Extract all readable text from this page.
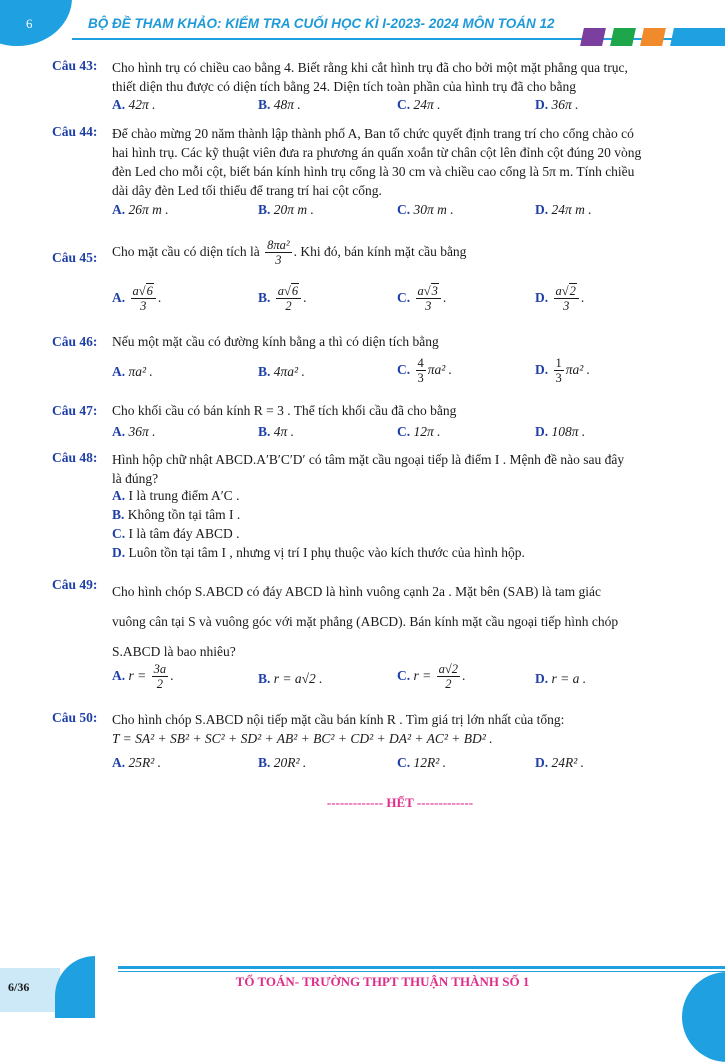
6	BỘ ĐỀ THAM KHẢO: KIỂM TRA CUỐI HỌC KÌ I-2023- 2024 MÔN TOÁN 12
Câu 43: Cho hình trụ có chiều cao bằng 4. Biết rằng khi cắt hình trụ đã cho bởi một mặt phẳng qua trục,
thiết diện thu được có diện tích bằng 24. Diện tích toàn phần của hình trụ đã cho bằng
A. 42π .	B. 48π .	C. 24π .	D. 36π .
Câu 44: Để chào mừng 20 năm thành lập thành phố A, Ban tổ chức quyết định trang trí cho cổng chào có
hai hình trụ. Các kỹ thuật viên đưa ra phương án quấn xoắn từ chân cột lên đỉnh cột đúng 20 vòng
đèn Led cho mỗi cột, biết bán kính hình trụ cổng là 30 cm và chiều cao cổng là 5π m. Tính chiều
dài dây đèn Led tối thiểu để trang trí hai cột cổng.
A. 26π m .	B. 20π m .	C. 30π m .	D. 24π m .
Câu 45: Cho mặt cầu có diện tích là $\frac{\text{8πa²}}{3}$ . Khi đó, bán kính mặt cầu bằng
A. $\frac{a√6}{3}$ .	B. $\frac{a√6}{2}$ .	C. $\frac{a√3}{3}$ .	D. $\frac{a√2}{3}$ .
Câu 46: Nếu một mặt cầu có đường kính bằng a thì có diện tích bằng
A. πa² .	B. 4πa² .	C. $\frac{4}{3} \pi a^2$ .	D. $\frac{1}{3} \pi a^2$ .
Câu 47: Cho khối cầu có bán kính R = 3 . Thể tích khối cầu đã cho bằng
A. 36π .	B. 4π .	C. 12π .	D. 108π .
Câu 48: Hình hộp chữ nhật ABCD.A′B′C′D′ có tâm mặt cầu ngoại tiếp là điểm I . Mệnh đề nào sau đây
là đúng?
A. I là trung điểm A′C .
B. Không tồn tại tâm I .
C. I là tâm đáy ABCD .
D. Luôn tồn tại tâm I , nhưng vị trí I phụ thuộc vào kích thước của hình hộp.
Câu 49: Cho hình chóp S.ABCD có đáy ABCD là hình vuông cạnh 2a . Mặt bên (SAB) là tam giác
vuông cân tại S và vuông góc với mặt phẳng (ABCD). Bán kính mặt cầu ngoại tiếp hình chóp
S.ABCD là bao nhiêu?
A. $r = \frac{3a}{2}$ .	B. r = a√2 .	C. $r = \frac{a√2}{2}$ .	D. r = a .
Câu 50: Cho hình chóp S.ABCD nội tiếp mặt cầu bán kính R . Tìm giá trị lớn nhất của tổng:
T = SA² + SB² + SC² + SD² + AB² + BC² + CD² + DA² + AC² + BD² .
A. 25R² .	B. 20R² .	C. 12R² .	D. 24R² .
------------- HẾT -------------
6/36	TỔ TOÁN- TRƯỜNG THPT THUẬN THÀNH SỐ 1
